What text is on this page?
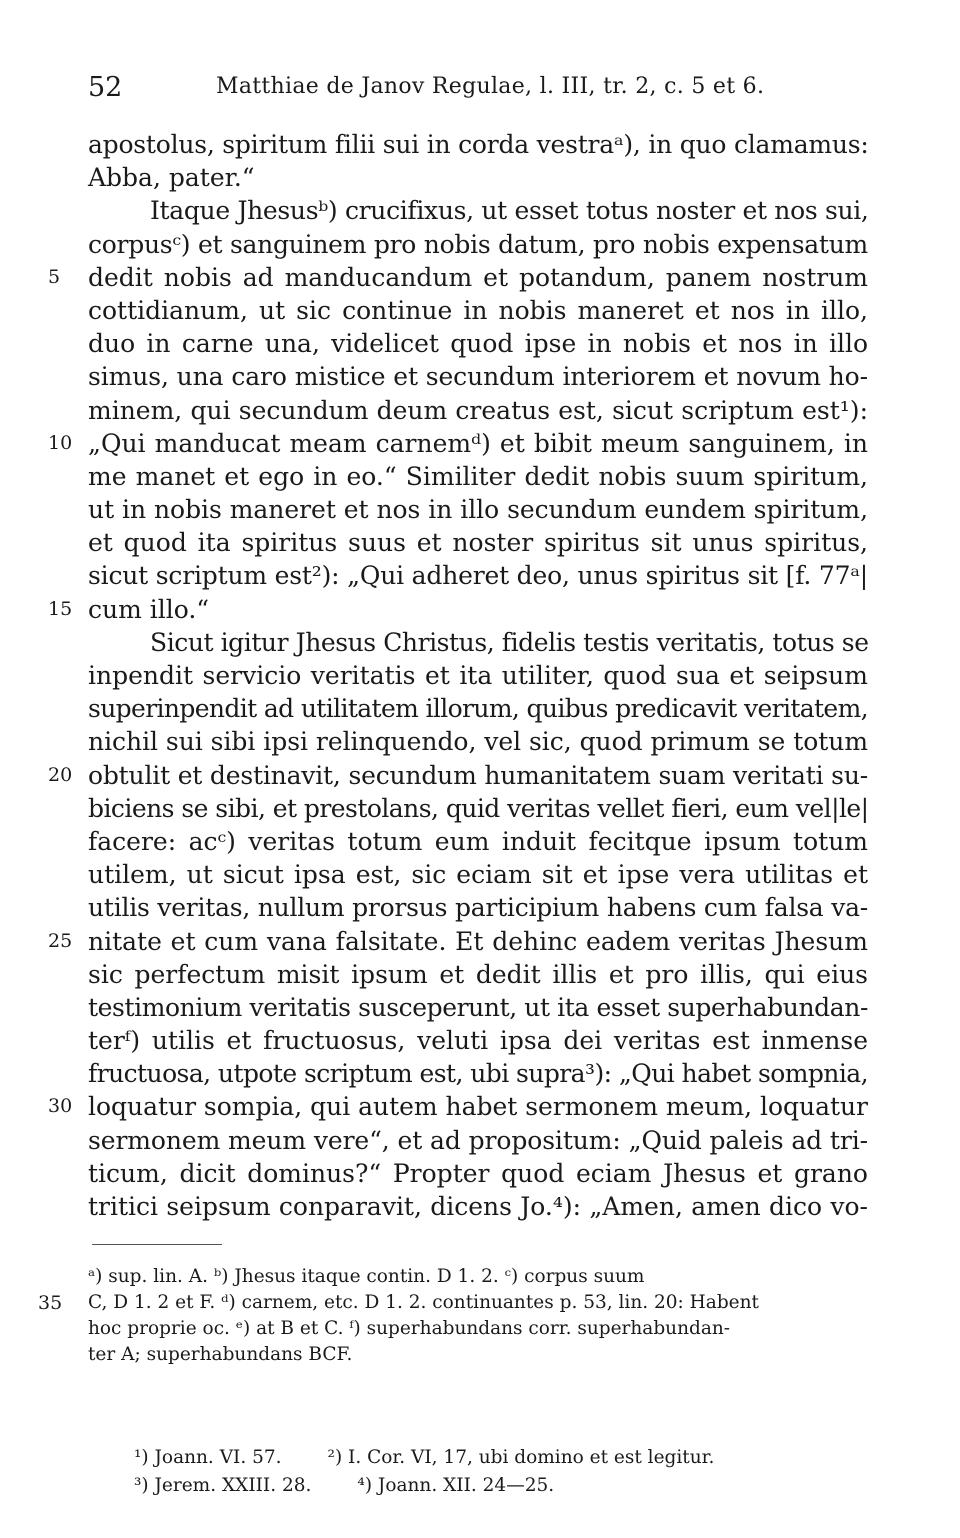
52	Matthiae de Janov Regulae, l. III, tr. 2, c. 5 et 6.
apostolus, spiritum filii sui in corda vestraᵃ), in quo clamamus:
Abba, pater.“
Itaque Jhesusᵇ) crucifixus, ut esset totus noster et nos sui,
corpusᶜ) et sanguinem pro nobis datum, pro nobis expensatum
5	dedit nobis ad manducandum et potandum, panem nostrum
cottidianum, ut sic continue in nobis maneret et nos in illo,
duo in carne una, videlicet quod ipse in nobis et nos in illo
simus, una caro mistice et secundum interiorem et novum ho-
minem, qui secundum deum creatus est, sicut scriptum est¹):
10 „Qui manducat meam carnemᵈ) et bibit meum sanguinem, in
me manet et ego in eo.“ Similiter dedit nobis suum spiritum,
ut in nobis maneret et nos in illo secundum eundem spiritum,
et quod ita spiritus suus et noster spiritus sit unus spiritus,
sicut scriptum est²): „Qui adheret deo, unus spiritus sit [f. 77ᵃ|
15 cum illo.“
Sicut igitur Jhesus Christus, fidelis testis veritatis, totus se
inpendit servicio veritatis et ita utiliter, quod sua et seipsum
superinpendit ad utilitatem illorum, quibus predicavit veritatem,
nichil sui sibi ipsi relinquendo, vel sic, quod primum se totum
20 obtulit et destinavit, secundum humanitatem suam veritati su-
biciens se sibi, et prestolans, quid veritas vellet fieri, eum vel|le|
facere: acᶜ) veritas totum eum induit fecitque ipsum totum
utilem, ut sicut ipsa est, sic eciam sit et ipse vera utilitas et
utilis veritas, nullum prorsus participium habens cum falsa va-
25 nitate et cum vana falsitate. Et dehinc eadem veritas Jhesum
sic perfectum misit ipsum et dedit illis et pro illis, qui eius
testimonium veritatis susceperunt, ut ita esset superhabundan-
terᶠ) utilis et fructuosus, veluti ipsa dei veritas est inmense
fructuosa, utpote scriptum est, ubi supra³): „Qui habet sompnia,
30 loquatur sompia, qui autem habet sermonem meum, loquatur
sermonem meum vere“, et ad propositum: „Quid paleis ad tri-
ticum, dicit dominus?“ Propter quod eciam Jhesus et grano
tritici seipsum conparavit, dicens Jo.⁴): „Amen, amen dico vo-
ᵃ) sup. lin. A. ᵇ) Jhesus itaque contin. D 1. 2. ᶜ) corpus suum
35	C, D 1. 2 et F. ᵈ) carnem, etc. D 1. 2. continuantes p. 53, lin. 20: Habent
hoc proprie oc. ᵉ) at B et C. ᶠ) superhabundans corr. superhabundan-
ter A; superhabundans BCF.
¹) Joann. VI. 57. ²) I. Cor. VI, 17, ubi domino et est legitur.
³) Jerem. XXIII. 28. ⁴) Joann. XII. 24—25.
